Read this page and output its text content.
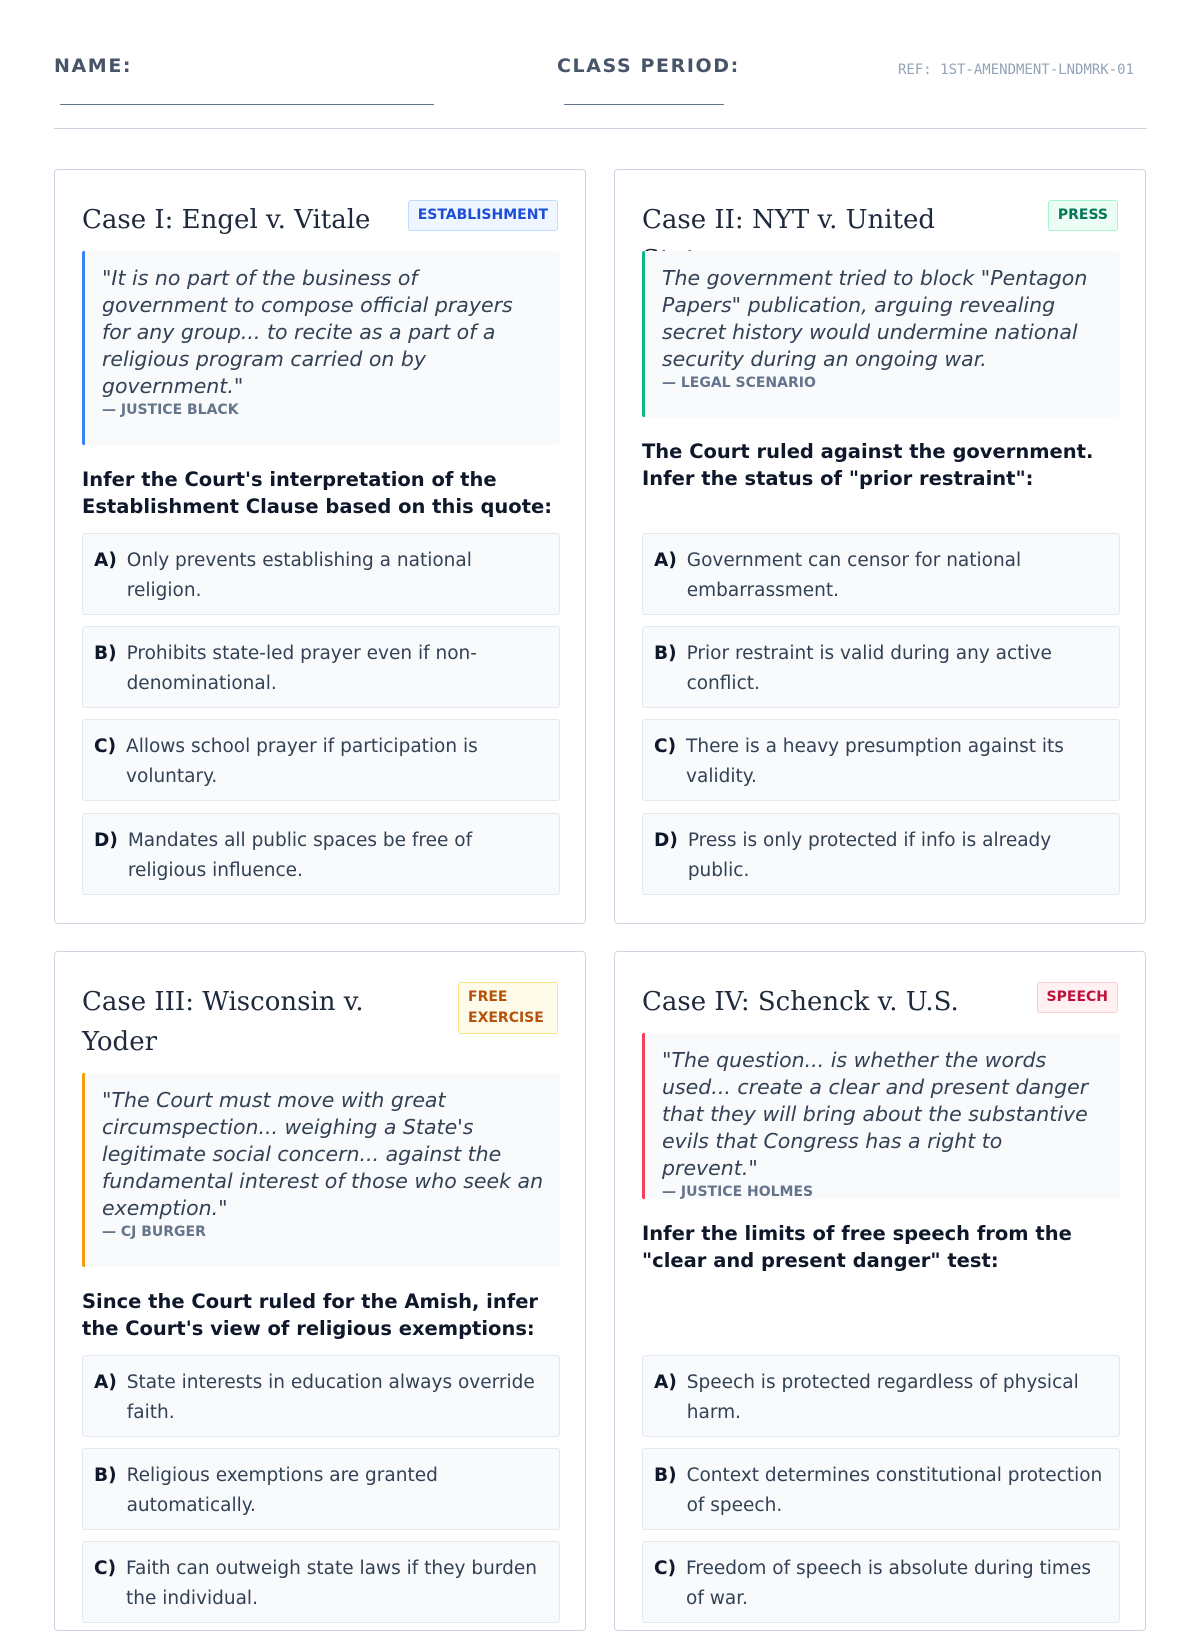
NAME:	CLASS PERIOD:	REF: 1ST-AMENDMENT-LNDMRK-01
Case I: Engel v. Vitale	ESTABLISHMENT
"It is no part of the business of government to compose official prayers for any group... to recite as a part of a religious program carried on by government."
— JUSTICE BLACK
Infer the Court's interpretation of the Establishment Clause based on this quote:
A) Only prevents establishing a national religion.
B) Prohibits state-led prayer even if non-denominational.
C) Allows school prayer if participation is voluntary.
D) Mandates all public spaces be free of religious influence.
Case II: NYT v. United	PRESS
The government tried to block "Pentagon Papers" publication, arguing revealing secret history would undermine national security during an ongoing war.
— LEGAL SCENARIO
The Court ruled against the government. Infer the status of "prior restraint":
A) Government can censor for national embarrassment.
B) Prior restraint is valid during any active conflict.
C) There is a heavy presumption against its validity.
D) Press is only protected if info is already public.
Case III: Wisconsin v. Yoder
FREE EXERCISE
"The Court must move with great circumspection... weighing a State's legitimate social concern... against the fundamental interest of those who seek an exemption."
— CJ BURGER
Since the Court ruled for the Amish, infer the Court's view of religious exemptions:
A) State interests in education always override faith.
B) Religious exemptions are granted automatically.
C) Faith can outweigh state laws if they burden the individual.
Case IV: Schenck v. U.S.	SPEECH
"The question... is whether the words used... create a clear and present danger that they will bring about the substantive evils that Congress has a right to prevent."
— JUSTICE HOLMES
Infer the limits of free speech from the "clear and present danger" test:
A) Speech is protected regardless of physical harm.
B) Context determines constitutional protection of speech.
C) Freedom of speech is absolute during times of war.
